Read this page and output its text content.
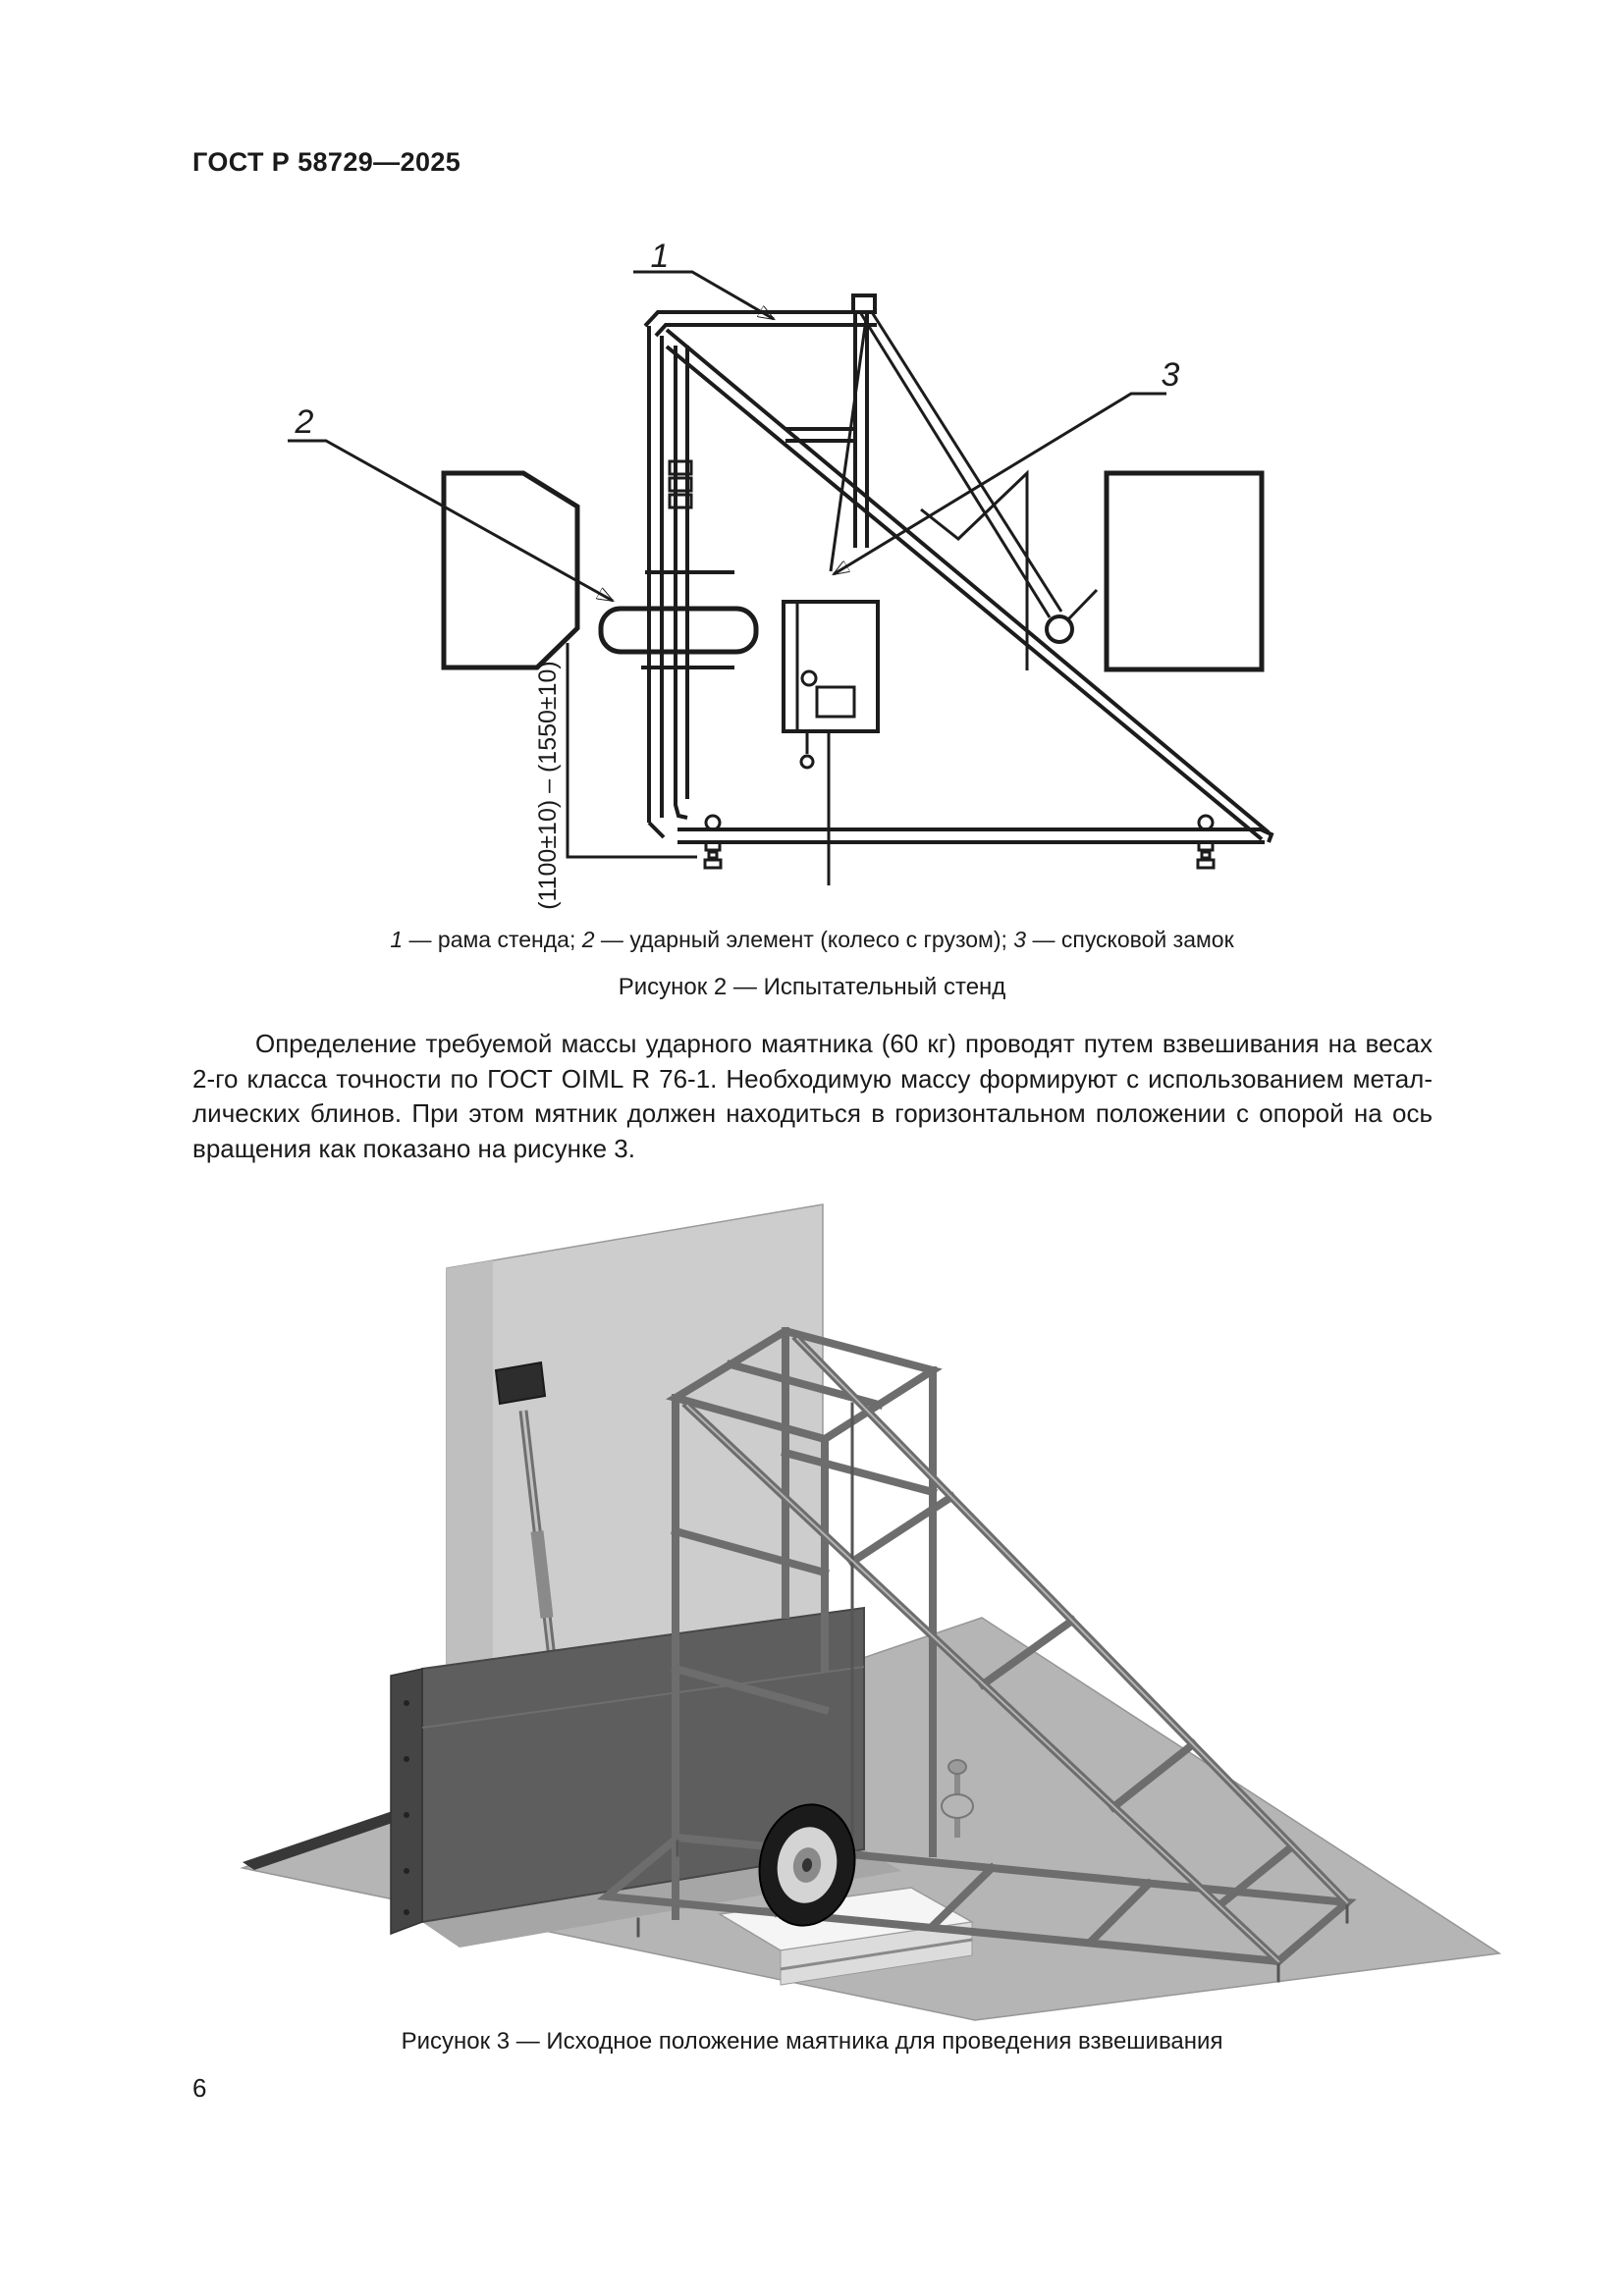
ГОСТ Р 58729—2025
(1100±10) – (1550±10)
1
2
3
1 — рама стенда; 2 — ударный элемент (колесо с грузом); 3 — спусковой замок
Рисунок 2 — Испытательный стенд
Определение требуемой массы ударного маятника (60 кг) проводят путем взвешивания на весах
2-го класса точности по ГОСТ OIML R 76-1. Необходимую массу формируют с использованием метал-
лических блинов. При этом мятник должен находиться в горизонтальном положении с опорой на ось
вращения как показано на рисунке 3.
Рисунок 3 — Исходное положение маятника для проведения взвешивания
6
